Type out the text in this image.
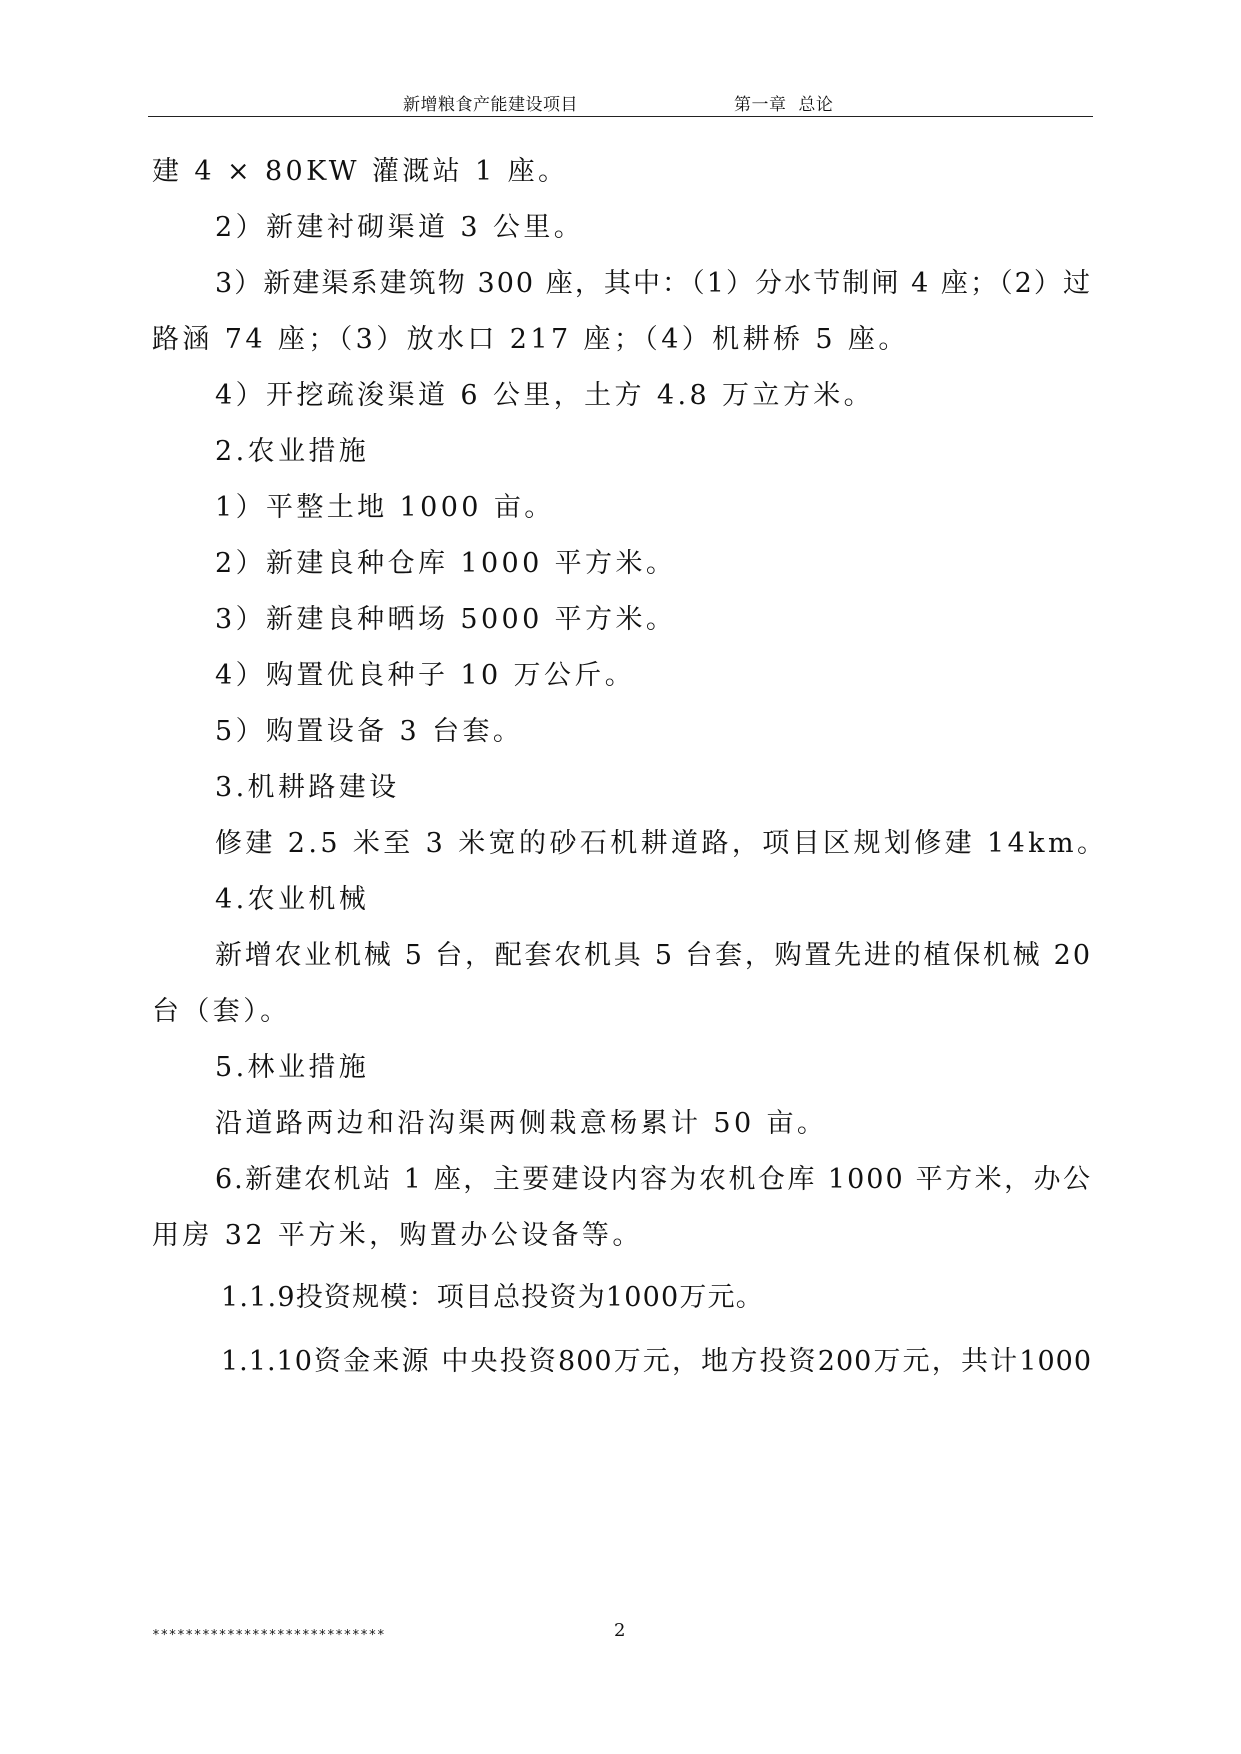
新增粮食产能建设项目	第一章 总论
建 4 × 80KW 灌溉站 1 座。
2）新建衬砌渠道 3 公里。
3）新建渠系建筑物 300 座，其中：（1）分水节制闸 4 座；（2）过
路涵 74 座；（3）放水口 217 座；（4）机耕桥 5 座。
4）开挖疏浚渠道 6 公里，土方 4.8 万立方米。
2.农业措施
1）平整土地 1000 亩。
2）新建良种仓库 1000 平方米。
3）新建良种晒场 5000 平方米。
4）购置优良种子 10 万公斤。
5）购置设备 3 台套。
3.机耕路建设
修建 2.5 米至 3 米宽的砂石机耕道路，项目区规划修建 14km。
4.农业机械
新增农业机械 5 台，配套农机具 5 台套，购置先进的植保机械 20
台（套）。
5.林业措施
沿道路两边和沿沟渠两侧栽意杨累计 50 亩。
6.新建农机站 1 座，主要建设内容为农机仓库 1000 平方米，办公
用房 32 平方米，购置办公设备等。
1.1.9投资规模：项目总投资为1000万元。
1.1.10资金来源 中央投资800万元，地方投资200万元，共计1000
****************************	2
